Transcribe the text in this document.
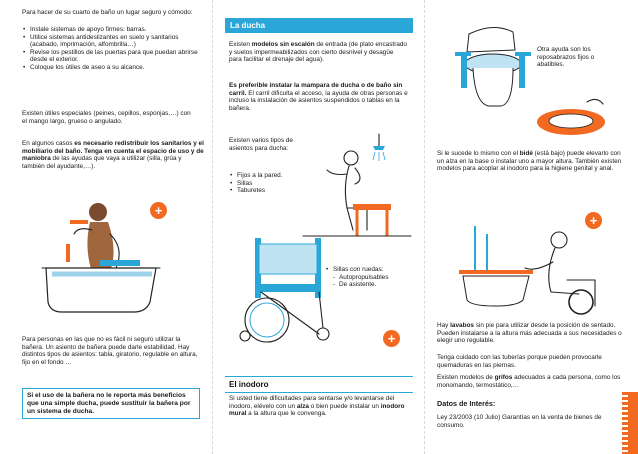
Para hacer de su cuarto de baño un lugar seguro y cómodo:
• Instale sistemas de apoyo firmes: barras.
• Utilice sistemas antideslizantes en suelo y sanitarios (acabado, imprimación, alfombrilla…)
• Revise los pestillos de las puertas para que puedan abrirse desde el exterior.
• Coloque los útiles de aseo a su alcance.
Existen útiles especiales (peines, cepillos, esponjas,…) con el mango largo, grueso o angulado.
En algunos casos es necesario redistribuir los sanitarios y el mobiliario del baño. Tenga en cuenta el espacio de uso y de maniobra de las ayudas que vaya a utilizar (silla, grúa y también del ayudante,…).
+
Para personas en las que no es fácil ni seguro utilizar la bañera. Un asiento de bañera puede darle estabilidad. Hay distintos tipos de asientos: tabla, giratorio, regulable en altura, fijo en el fondo …
Si el uso de la bañera no le reporta más beneficios que una simple ducha, puede sustituir la bañera por un sistema de ducha.
La ducha
Existen modelos sin escalón de entrada (de plato encastrado y suelos impermeabilizados con cierto desnivel y desagüe para facilitar el drenaje del agua).
Es preferible instalar la mampara de ducha o de baño sin carril. El carril dificulta el acceso, la ayuda de otras personas e incluso la instalación de asientos suspendidos o tablas en la bañera.
Existen varios tipos de asientos para ducha:
• Fijos a la pared.
• Sillas
• Taburetes
• Sillas con ruedas:
- Autopropulsables
- De asistente.
+
El inodoro
Si usted tiene dificultades para sentarse y/o levantarse del inodoro, elévelo con un alza o bien puede instalar un inodoro mural a la altura que le convenga.
Otra ayuda son los reposabrazos fijos o abatibles.
Si le sucede lo mismo con el bidé (está bajo) puede elevarlo con un alza en la base o instalar uno a mayor altura. También existen modelos para acoplar al inodoro para la higiene genital y anal.
+
Hay lavabos sin pie para utilizar desde la posición de sentado. Pueden instalarse a la altura más adecuada a sus necesidades o elegir uno regulable.
Tenga cuidado con las tuberías porque pueden provocarle quemaduras en las piernas.
Existen modelos de grifos adecuados a cada persona, como los monomando, termostático,…
Datos de Interés:
Ley 23/2003 (10 Julio) Garantías en la venta de bienes de consumo.
